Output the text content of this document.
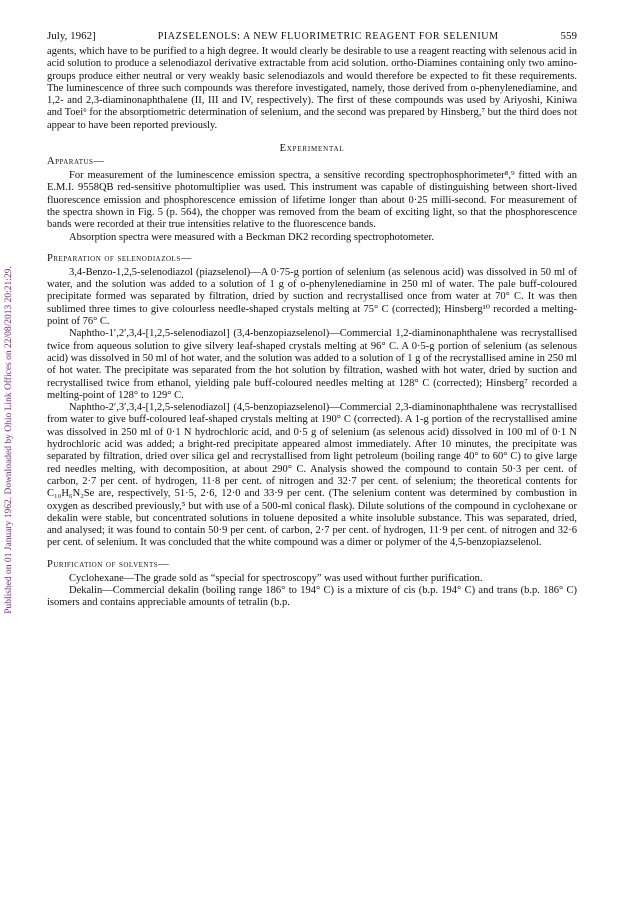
Published on 01 January 1962. Downloaded by Ohio Link Offices on 22/08/2013 20:21:29.
July, 1962]	PIAZSELENOLS: A NEW FLUORIMETRIC REAGENT FOR SELENIUM	559

agents, which have to be purified to a high degree. It would clearly be desirable to use a reagent reacting with selenous acid in acid solution to produce a selenodiazol derivative extractable from acid solution. ortho-Diamines containing only two amino-groups produce either neutral or very weakly basic selenodiazols and would therefore be expected to fit these requirements. The luminescence of three such compounds was therefore investigated, namely, those derived from o-phenylenediamine, and 1,2- and 2,3-diaminonaphthalene (II, III and IV, respectively). The first of these compounds was used by Ariyoshi, Kiniwa and Toei⁶ for the absorptiometric determination of selenium, and the second was prepared by Hinsberg,⁷ but the third does not appear to have been reported previously.

Experimental
Apparatus—

For measurement of the luminescence emission spectra, a sensitive recording spectrophosphorimeter⁸,⁹ fitted with an E.M.I. 9558QB red-sensitive photomultiplier was used. This instrument was capable of distinguishing between short-lived fluorescence emission and phosphorescence emission of lifetime longer than about 0·25 milli-second. For measurement of the spectra shown in Fig. 5 (p. 564), the chopper was removed from the beam of exciting light, so that the phosphorescence bands were recorded at their true intensities relative to the fluorescence bands.

Absorption spectra were measured with a Beckman DK2 recording spectrophotometer.

Preparation of selenodiazols—

3,4-Benzo-1,2,5-selenodiazol (piazselenol)—A 0·75-g portion of selenium (as selenous acid) was dissolved in 50 ml of water, and the solution was added to a solution of 1 g of o-phenylenediamine in 250 ml of water. The pale buff-coloured precipitate formed was separated by filtration, dried by suction and recrystallised once from water at 70° C. It was then sublimed three times to give colourless needle-shaped crystals melting at 75° C (corrected); Hinsberg¹⁰ recorded a melting-point of 76° C.

Naphtho-1′,2′,3,4-[1,2,5-selenodiazol] (3,4-benzopiazselenol)—Commercial 1,2-diaminonaphthalene was recrystallised twice from aqueous solution to give silvery leaf-shaped crystals melting at 96° C. A 0·5-g portion of selenium (as selenous acid) was dissolved in 50 ml of hot water, and the solution was added to a solution of 1 g of the recrystallised amine in 250 ml of hot water. The precipitate was separated from the hot solution by filtration, washed with hot water, dried by suction and recrystallised twice from ethanol, yielding pale buff-coloured needles melting at 128° C (corrected); Hinsberg⁷ recorded a melting-point of 128° to 129° C.

Naphtho-2′,3′,3,4-[1,2,5-selenodiazol] (4,5-benzopiazselenol)—Commercial 2,3-diaminonaphthalene was recrystallised from water to give buff-coloured leaf-shaped crystals melting at 190° C (corrected). A 1-g portion of the recrystallised amine was dissolved in 250 ml of 0·1 N hydrochloric acid, and 0·5 g of selenium (as selenous acid) dissolved in 100 ml of 0·1 N hydrochloric acid was added; a bright-red precipitate appeared almost immediately. After 10 minutes, the precipitate was separated by filtration, dried over silica gel and recrystallised from light petroleum (boiling range 40° to 60° C) to give large red needles melting, with decomposition, at about 290° C. Analysis showed the compound to contain 50·3 per cent. of carbon, 2·7 per cent. of hydrogen, 11·8 per cent. of nitrogen and 32·7 per cent. of selenium; the theoretical contents for C₁₀H₆N₂Se are, respectively, 51·5, 2·6, 12·0 and 33·9 per cent. (The selenium content was determined by combustion in oxygen as described previously,⁵ but with use of a 500-ml conical flask). Dilute solutions of the compound in cyclohexane or dekalin were stable, but concentrated solutions in toluene deposited a white insoluble substance. This was separated, dried, and analysed; it was found to contain 50·9 per cent. of carbon, 2·7 per cent. of hydrogen, 11·9 per cent. of nitrogen and 32·6 per cent. of selenium. It was concluded that the white compound was a dimer or polymer of the 4,5-benzopiazselenol.

Purification of solvents—

Cyclohexane—The grade sold as “special for spectroscopy” was used without further purification.

Dekalin—Commercial dekalin (boiling range 186° to 194° C) is a mixture of cis (b.p. 194° C) and trans (b.p. 186° C) isomers and contains appreciable amounts of tetralin (b.p.
